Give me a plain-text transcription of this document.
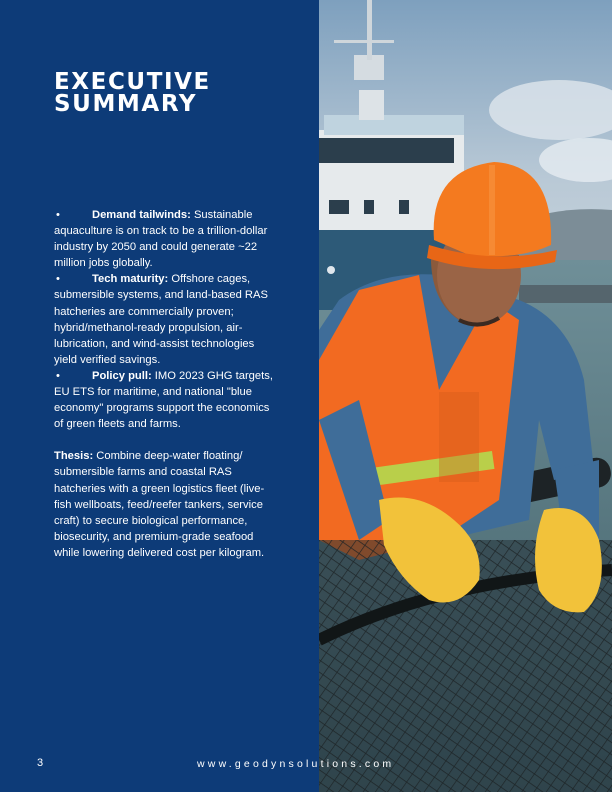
EXECUTIVE
SUMMARY
•	Demand tailwinds: Sustainable aquaculture is on track to be a trillion-dollar industry by 2050 and could generate ~22 million jobs globally.
•	Tech maturity: Offshore cages, submersible systems, and land-based RAS hatcheries are commercially proven; hybrid/methanol-ready propulsion, air-lubrication, and wind-assist technologies yield verified savings.
•	Policy pull: IMO 2023 GHG targets, EU ETS for maritime, and national "blue economy" programs support the economics of green fleets and farms.
Thesis: Combine deep-water floating/ submersible farms and coastal RAS hatcheries with a green logistics fleet (live-fish wellboats, feed/reefer tankers, service craft) to secure biological performance, biosecurity, and premium-grade seafood while lowering delivered cost per kilogram.
3	www.geodynsolutions.com
